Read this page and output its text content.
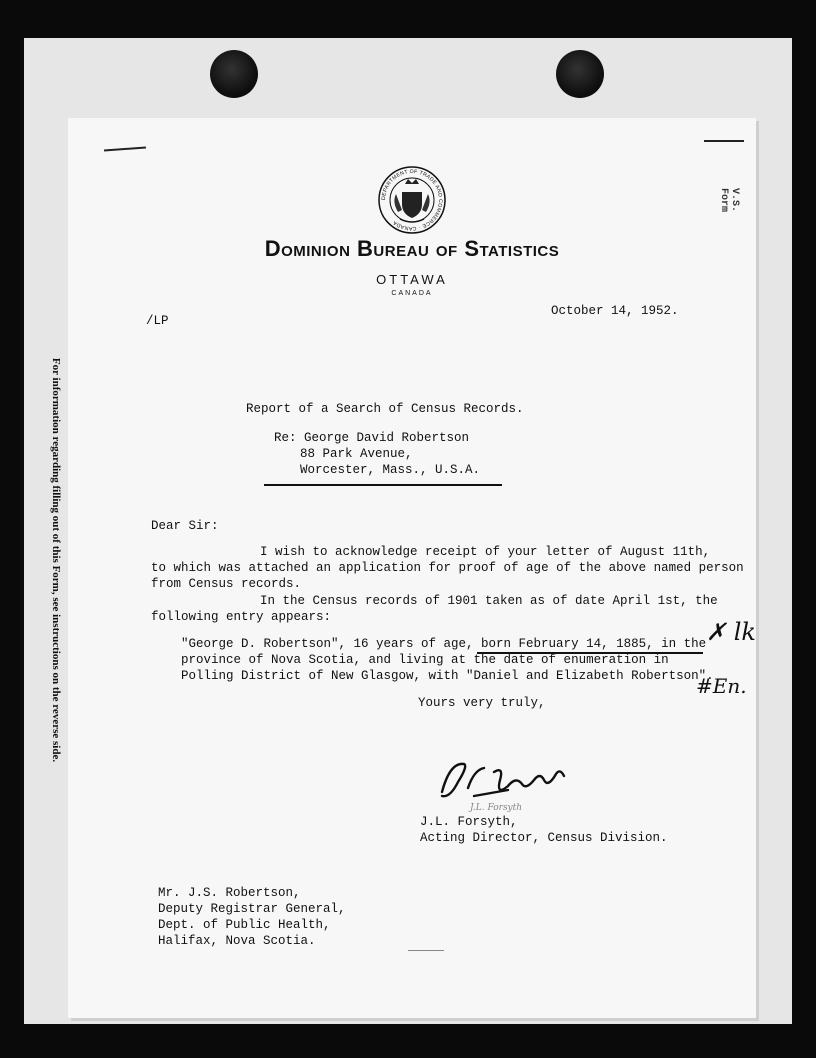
For information regarding filling out of this Form, see instructions on the reverse side.
V.S. Form
DEPARTMENT OF TRADE AND COMMERCE · CANADA
Dominion Bureau of Statistics
OTTAWA
CANADA
October 14, 1952.
/LP
Report of a Search of Census Records.
Re: George David Robertson
88 Park Avenue,
Worcester, Mass., U.S.A.
Dear Sir:
I wish to acknowledge receipt of your letter of August 11th,
to which was attached an application for proof of age of the above named person
from Census records.
In the Census records of 1901 taken as of date April 1st, the
following entry appears:
"George D. Robertson", 16 years of age, born February 14, 1885, in the
province of Nova Scotia, and living at the date of enumeration in
Polling District of New Glasgow, with "Daniel and Elizabeth Robertson".
✗ lk
#En.
Yours very truly,
J.L. Forsyth
J.L. Forsyth,
Acting Director, Census Division.
Mr. J.S. Robertson,
Deputy Registrar General,
Dept. of Public Health,
Halifax, Nova Scotia.
